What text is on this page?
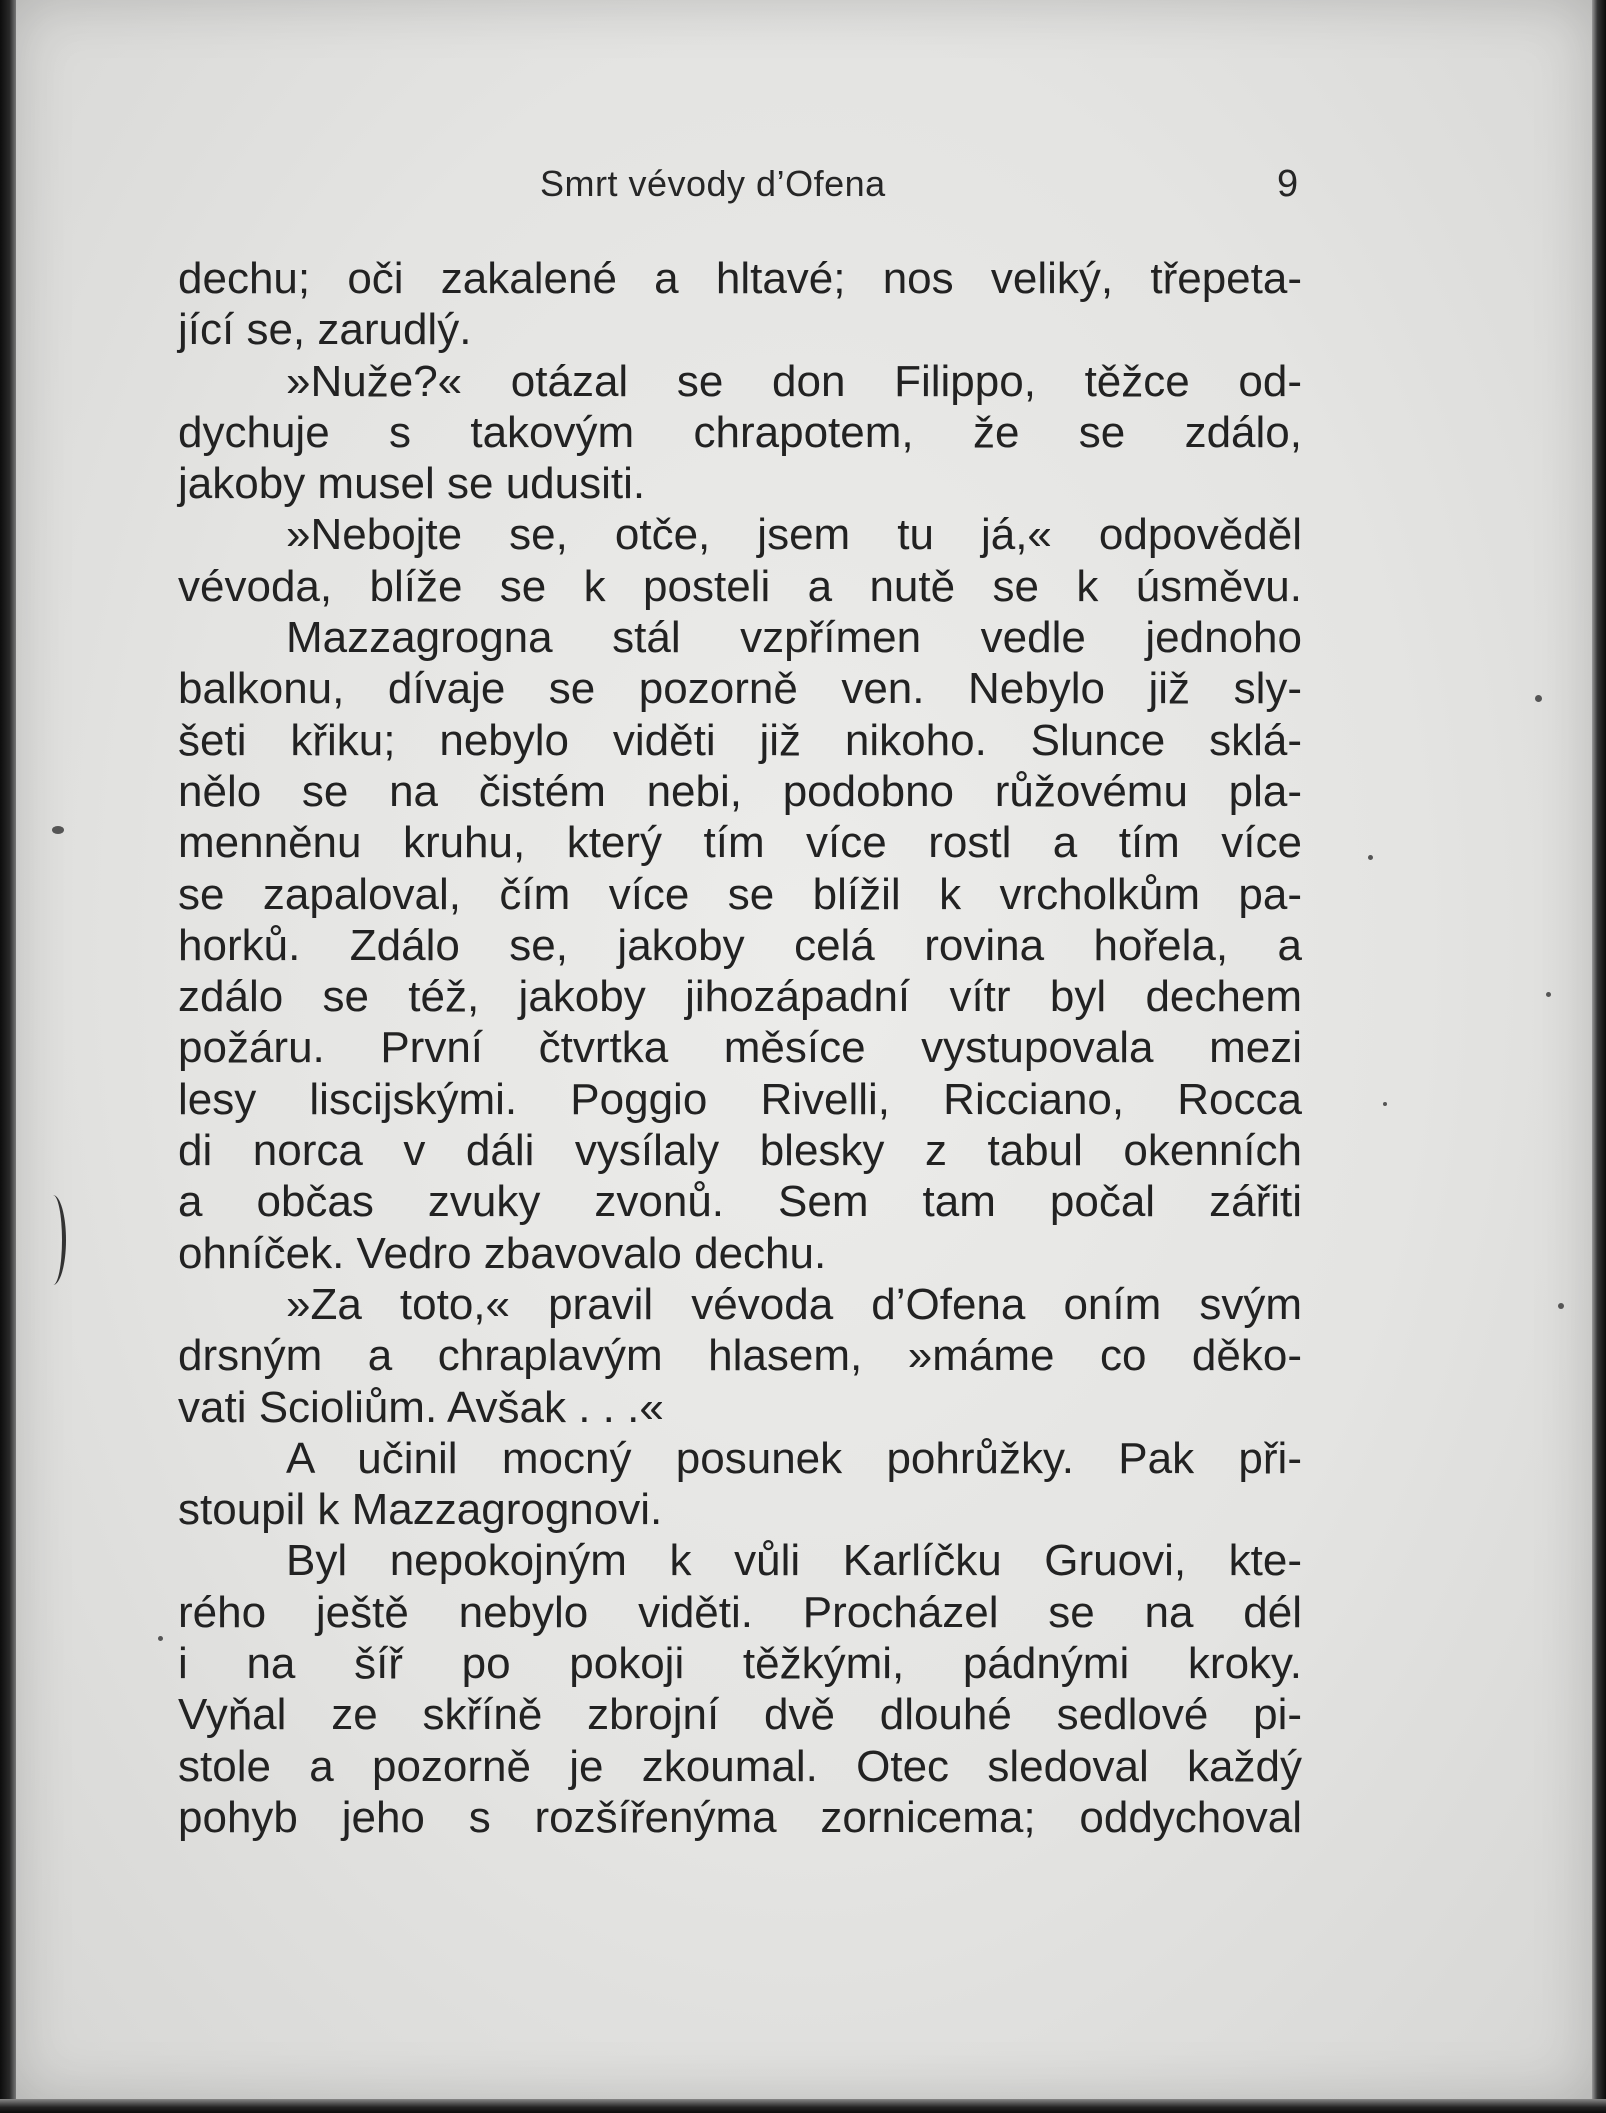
Smrt vévody d’Ofena	9
dechu; oči zakalené a hltavé; nos veliký, třepeta-
jící se, zarudlý.
»Nuže?« otázal se don Filippo, těžce od-
dychuje s takovým chrapotem, že se zdálo,
jakoby musel se udusiti.
»Nebojte se, otče, jsem tu já,« odpověděl
vévoda, blíže se k posteli a nutě se k úsměvu.
Mazzagrogna stál vzpřímen vedle jednoho
balkonu, dívaje se pozorně ven. Nebylo již sly-
šeti křiku; nebylo viděti již nikoho. Slunce sklá-
nělo se na čistém nebi, podobno růžovému pla-
menněnu kruhu, který tím více rostl a tím více
se zapaloval, čím více se blížil k vrcholkům pa-
horků. Zdálo se, jakoby celá rovina hořela, a
zdálo se též, jakoby jihozápadní vítr byl dechem
požáru. První čtvrtka měsíce vystupovala mezi
lesy liscijskými. Poggio Rivelli, Ricciano, Rocca
di norca v dáli vysílaly blesky z tabul okenních
a občas zvuky zvonů. Sem tam počal zářiti
ohníček. Vedro zbavovalo dechu.
»Za toto,« pravil vévoda d’Ofena oním svým
drsným a chraplavým hlasem, »máme co děko-
vati Scioliům. Avšak . . .«
A učinil mocný posunek pohrůžky. Pak při-
stoupil k Mazzagrognovi.
Byl nepokojným k vůli Karlíčku Gruovi, kte-
rého ještě nebylo viděti. Procházel se na dél
i na šíř po pokoji těžkými, pádnými kroky.
Vyňal ze skříně zbrojní dvě dlouhé sedlové pi-
stole a pozorně je zkoumal. Otec sledoval každý
pohyb jeho s rozšířenýma zornicema; oddychoval
